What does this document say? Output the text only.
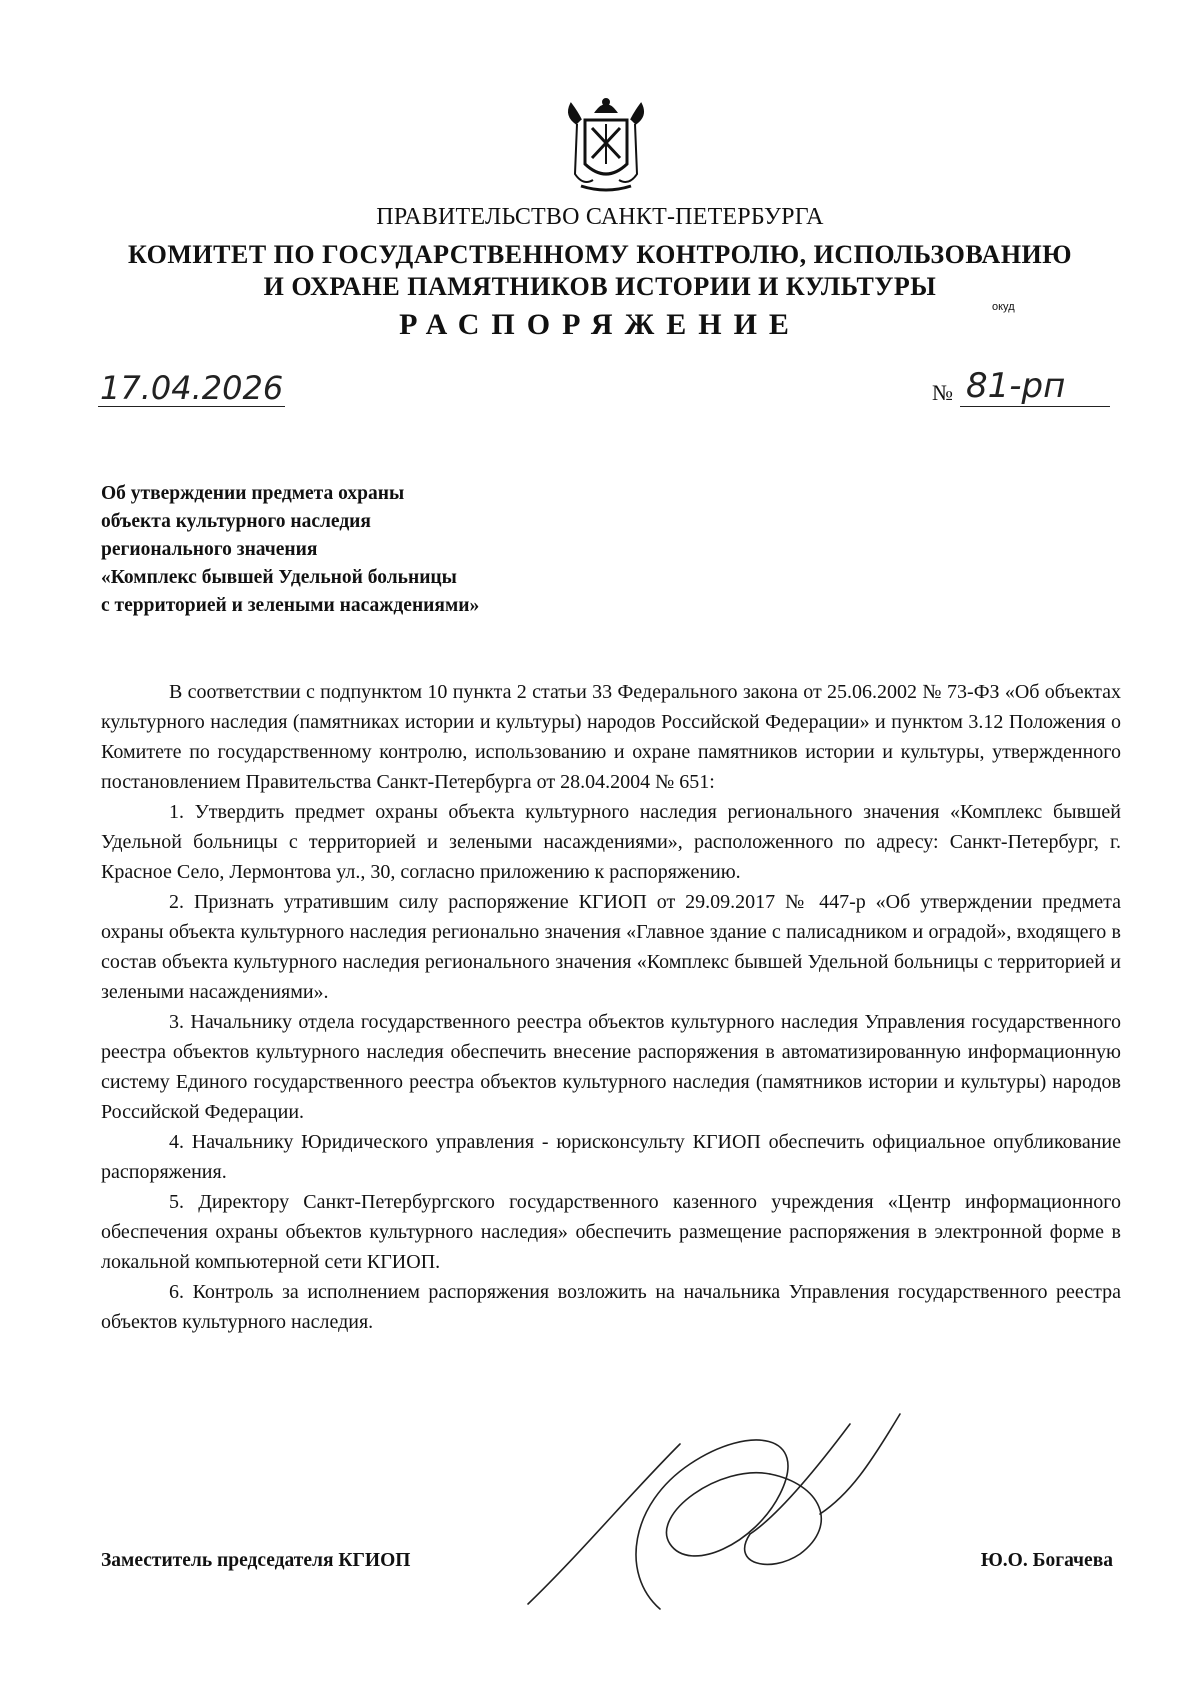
ПРАВИТЕЛЬСТВО САНКТ-ПЕТЕРБУРГА
КОМИТЕТ ПО ГОСУДАРСТВЕННОМУ КОНТРОЛЮ, ИСПОЛЬЗОВАНИЮ
И ОХРАНЕ ПАМЯТНИКОВ ИСТОРИИ И КУЛЬТУРЫ
окуд
РАСПОРЯЖЕНИЕ
17.04.2026	№ 81-рп
Об утверждении предмета охраны
объекта культурного наследия
регионального значения
«Комплекс бывшей Удельной больницы
с территорией и зелеными насаждениями»
В соответствии с подпунктом 10 пункта 2 статьи 33 Федерального закона от 25.06.2002 № 73-ФЗ «Об объектах культурного наследия (памятниках истории и культуры) народов Российской Федерации» и пунктом 3.12 Положения о Комитете по государственному контролю, использованию и охране памятников истории и культуры, утвержденного постановлением Правительства Санкт-Петербурга от 28.04.2004 № 651:
1. Утвердить предмет охраны объекта культурного наследия регионального значения «Комплекс бывшей Удельной больницы с территорией и зелеными насаждениями», расположенного по адресу: Санкт-Петербург, г. Красное Село, Лермонтова ул., 30, согласно приложению к распоряжению.
2. Признать утратившим силу распоряжение КГИОП от 29.09.2017 № 447-р «Об утверждении предмета охраны объекта культурного наследия регионально значения «Главное здание с палисадником и оградой», входящего в состав объекта культурного наследия регионального значения «Комплекс бывшей Удельной больницы с территорией и зелеными насаждениями».
3. Начальнику отдела государственного реестра объектов культурного наследия Управления государственного реестра объектов культурного наследия обеспечить внесение распоряжения в автоматизированную информационную систему Единого государственного реестра объектов культурного наследия (памятников истории и культуры) народов Российской Федерации.
4. Начальнику Юридического управления - юрисконсульту КГИОП обеспечить официальное опубликование распоряжения.
5. Директору Санкт-Петербургского государственного казенного учреждения «Центр информационного обеспечения охраны объектов культурного наследия» обеспечить размещение распоряжения в электронной форме в локальной компьютерной сети КГИОП.
6. Контроль за исполнением распоряжения возложить на начальника Управления государственного реестра объектов культурного наследия.
Заместитель председателя КГИОП	Ю.О. Богачева
